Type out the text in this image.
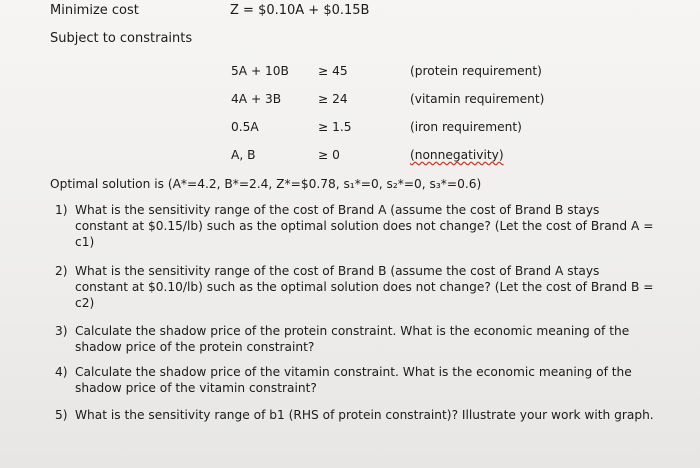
Minimize cost	Z = $0.10A + $0.15B
Subject to constraints
5A + 10B ≥ 45	(protein requirement)
4A + 3B	≥ 24	(vitamin requirement)
0.5A	≥ 1.5	(iron requirement)
A, B	≥ 0	(nonnegativity)
Optimal solution is (A*=4.2, B*=2.4, Z*=$0.78, s₁*=0, s₂*=0, s₃*=0.6)
1) What is the sensitivity range of the cost of Brand A (assume the cost of Brand B stays constant at $0.15/lb) such as the optimal solution does not change? (Let the cost of Brand A = c1)
2) What is the sensitivity range of the cost of Brand B (assume the cost of Brand A stays constant at $0.10/lb) such as the optimal solution does not change? (Let the cost of Brand B = c2)
3) Calculate the shadow price of the protein constraint. What is the economic meaning of the shadow price of the protein constraint?
4) Calculate the shadow price of the vitamin constraint. What is the economic meaning of the shadow price of the vitamin constraint?
5) What is the sensitivity range of b1 (RHS of protein constraint)? Illustrate your work with graph.
